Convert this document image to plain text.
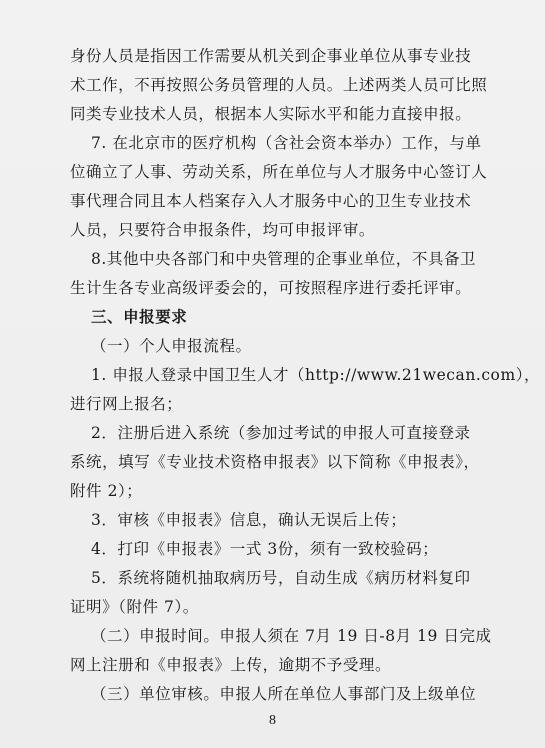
身份人员是指因工作需要从机关到企事业单位从事专业技
术工作，不再按照公务员管理的人员。上述两类人员可比照
同类专业技术人员，根据本人实际水平和能力直接申报。
7. 在北京市的医疗机构（含社会资本举办）工作，与单
位确立了人事、劳动关系，所在单位与人才服务中心签订人
事代理合同且本人档案存入人才服务中心的卫生专业技术
人员，只要符合申报条件，均可申报评审。
8.其他中央各部门和中央管理的企事业单位，不具备卫
生计生各专业高级评委会的，可按照程序进行委托评审。
三、申报要求
（一）个人申报流程。
1. 申报人登录中国卫生人才（http://www.21wecan.com），
进行网上报名；
2．注册后进入系统（参加过考试的申报人可直接登录
系统，填写《专业技术资格申报表》以下简称《申报表》，
附件 2）；
3．审核《申报表》信息，确认无误后上传；
4．打印《申报表》一式 3份，须有一致校验码；
5．系统将随机抽取病历号，自动生成《病历材料复印
证明》（附件 7）。
（二）申报时间。申报人须在 7月 19 日-8月 19 日完成
网上注册和《申报表》上传，逾期不予受理。
（三）单位审核。申报人所在单位人事部门及上级单位
8
